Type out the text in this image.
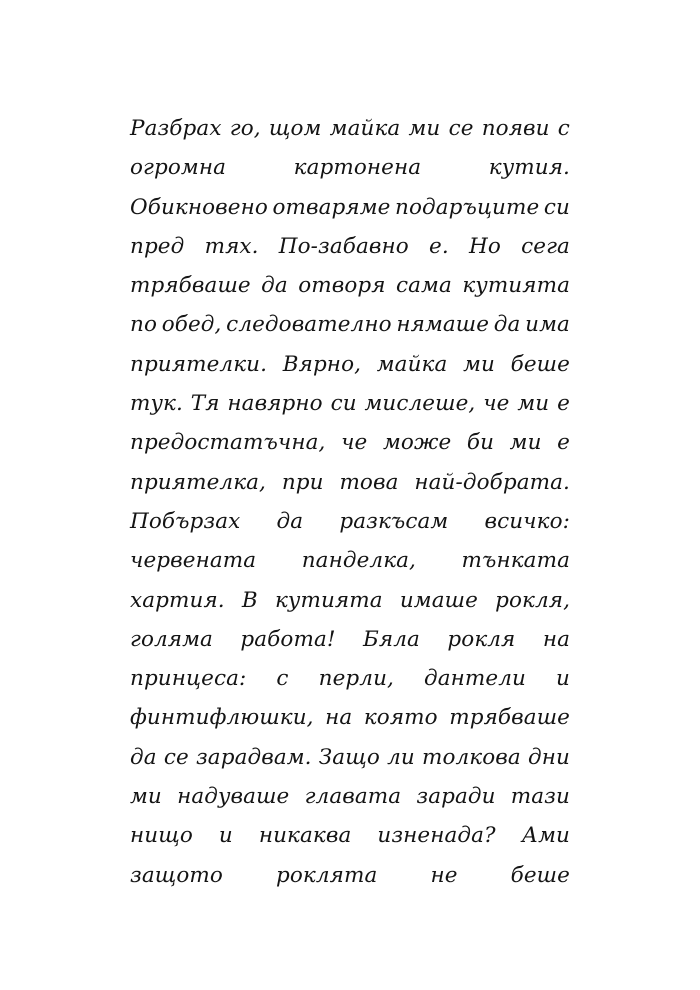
Разбрах го, щом майка ми се появи с
огромна	картонена	кутия.
Обикновено отваряме подаръците си
пред тях. По-забавно е. Но сега
трябваше да отворя сама кутията
по обед, следователно нямаше да има
приятелки. Вярно, майка ми беше
тук. Тя навярно си мислеше, че ми е
предостатъчна, че може би ми е
приятелка, при това най-добрата.
Побързах да разкъсам всичко:
червената панделка, тънката
хартия. В кутията имаше рокля,
голяма работа! Бяла рокля на
принцеса: с перли, дантели и
финтифлюшки, на която трябваше
да се зарадвам. Защо ли толкова дни
ми надуваше главата заради тази
нищо и никаква изненада? Ами
защото роклята не беше
